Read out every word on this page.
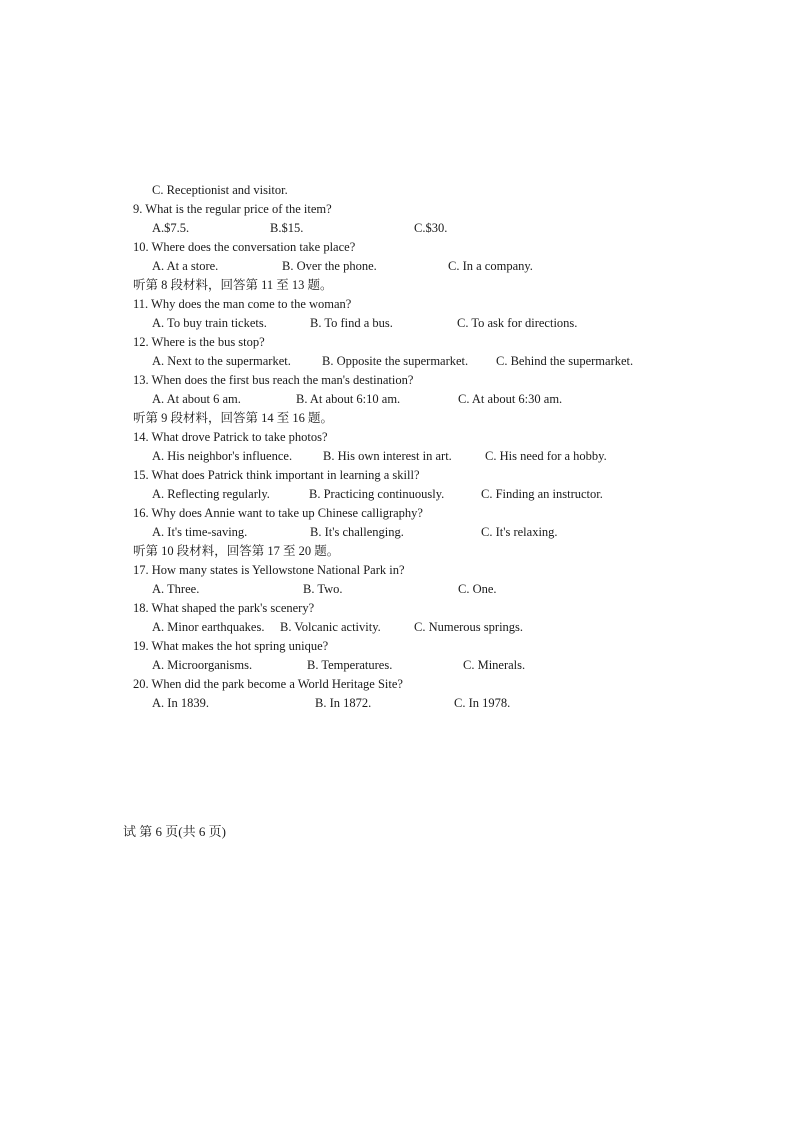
C. Receptionist and visitor.
9. What is the regular price of the item?
A.$7.5.	B.$15.	C.$30.
10. Where does the conversation take place?
A. At a store.	B. Over the phone.	C. In a company.
听第 8 段材料，回答第 11 至 13 题。
11. Why does the man come to the woman?
A. To buy train tickets.	B. To find a bus.	C. To ask for directions.
12. Where is the bus stop?
A. Next to the supermarket. B. Opposite the supermarket. C. Behind the supermarket.
13. When does the first bus reach the man's destination?
A. At about 6 am.	B. At about 6:10 am.	C. At about 6:30 am.
听第 9 段材料，回答第 14 至 16 题。
14. What drove Patrick to take photos?
A. His neighbor's influence. B. His own interest in art.	C. His need for a hobby.
15. What does Patrick think important in learning a skill?
A. Reflecting regularly.	B. Practicing continuously.	C. Finding an instructor.
16. Why does Annie want to take up Chinese calligraphy?
A. It's time-saving.	B. It's challenging.	C. It's relaxing.
听第 10 段材料，回答第 17 至 20 题。
17. How many states is Yellowstone National Park in?
A. Three.	B. Two.	C. One.
18. What shaped the park's scenery?
A. Minor earthquakes. B. Volcanic activity.	C. Numerous springs.
19. What makes the hot spring unique?
A. Microorganisms.	B. Temperatures.	C. Minerals.
20. When did the park become a World Heritage Site?
A. In 1839.	B. In 1872.	C. In 1978.
试 第 6 页(共 6 页)
